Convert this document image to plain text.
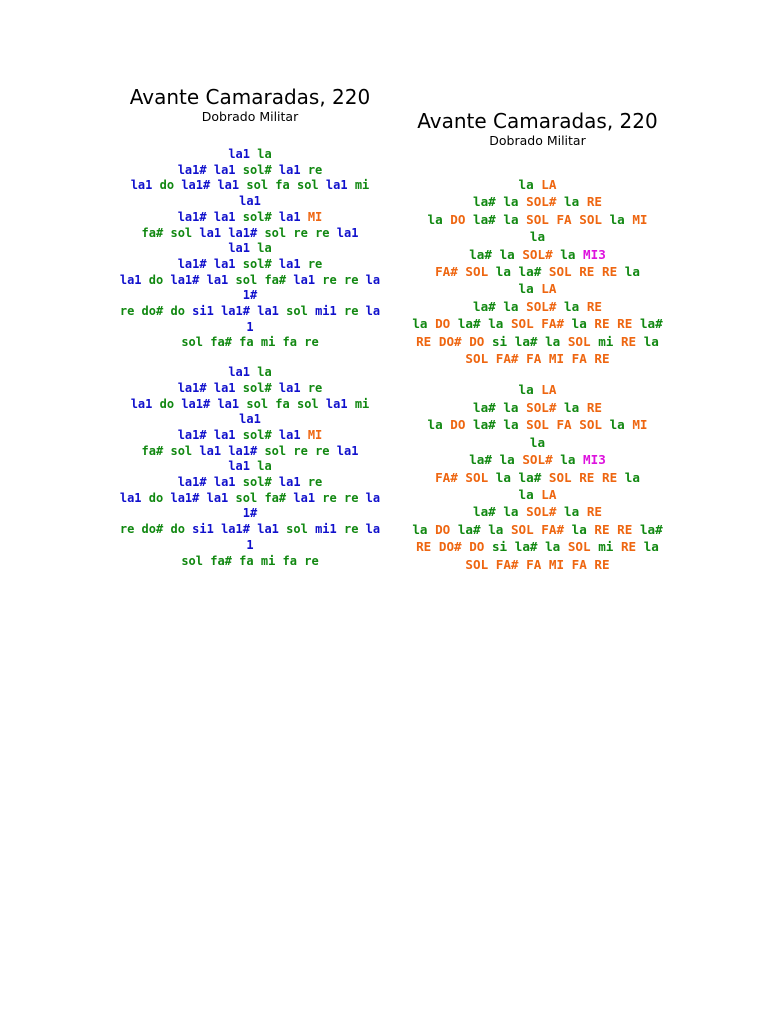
Avante Camaradas, 220
Dobrado Militar
la1 la
la1# la1 sol# la1 re
la1 do la1# la1 sol fa sol la1 mi
la1
la1# la1 sol# la1 MI
fa# sol la1 la1# sol re re la1
la1 la
la1# la1 sol# la1 re
la1 do la1# la1 sol fa# la1 re re la
1#
re do# do si1 la1# la1 sol mi1 re la
1
sol fa# fa mi fa re
la1 la
la1# la1 sol# la1 re
la1 do la1# la1 sol fa sol la1 mi
la1
la1# la1 sol# la1 MI
fa# sol la1 la1# sol re re la1
la1 la
la1# la1 sol# la1 re
la1 do la1# la1 sol fa# la1 re re la
1#
re do# do si1 la1# la1 sol mi1 re la
1
sol fa# fa mi fa re
Avante Camaradas, 220
Dobrado Militar
la LA
la# la SOL# la RE
la DO la# la SOL FA SOL la MI
la
la# la SOL# la MI3
FA# SOL la la# SOL RE RE la
la LA
la# la SOL# la RE
la DO la# la SOL FA# la RE RE la#
RE DO# DO si la# la SOL mi RE la
SOL FA# FA MI FA RE
la LA
la# la SOL# la RE
la DO la# la SOL FA SOL la MI
la
la# la SOL# la MI3
FA# SOL la la# SOL RE RE la
la LA
la# la SOL# la RE
la DO la# la SOL FA# la RE RE la#
RE DO# DO si la# la SOL mi RE la
SOL FA# FA MI FA RE
